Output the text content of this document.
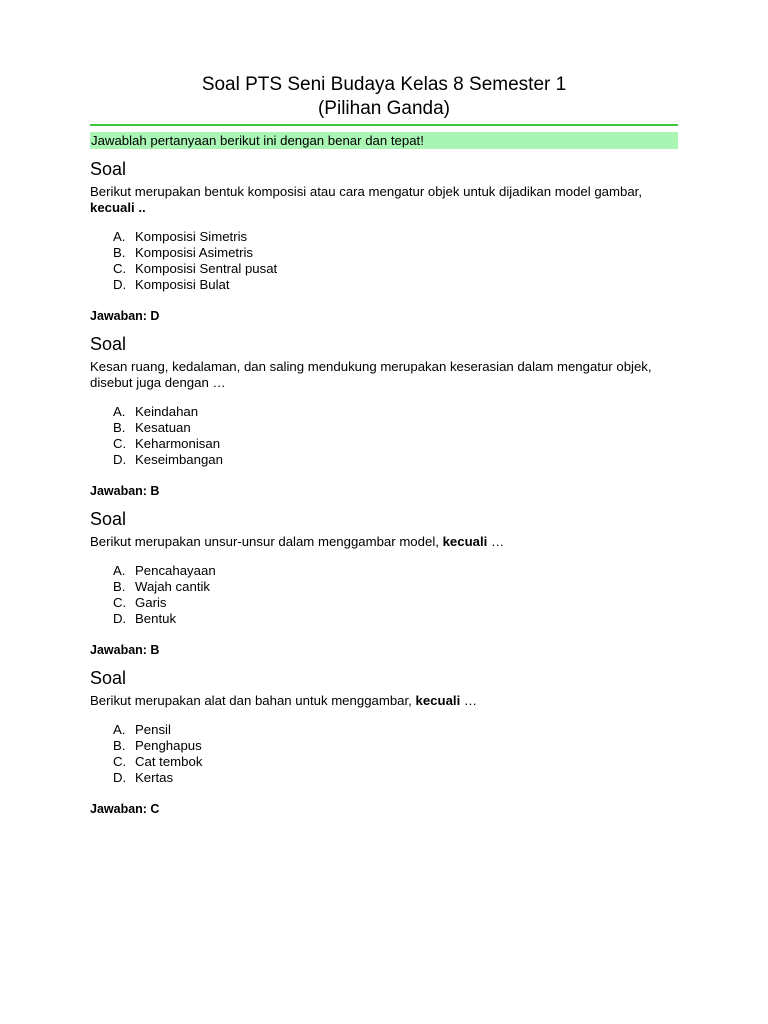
Soal PTS Seni Budaya Kelas 8 Semester 1
(Pilihan Ganda)
Jawablah pertanyaan berikut ini dengan benar dan tepat!
Soal

Berikut merupakan bentuk komposisi atau cara mengatur objek untuk dijadikan model gambar, kecuali ..

A. Komposisi Simetris
B. Komposisi Asimetris
C. Komposisi Sentral pusat
D. Komposisi Bulat

Jawaban: D

Soal

Kesan ruang, kedalaman, dan saling mendukung merupakan keserasian dalam mengatur objek, disebut juga dengan …

A. Keindahan
B. Kesatuan
C. Keharmonisan
D. Keseimbangan

Jawaban: B

Soal

Berikut merupakan unsur-unsur dalam menggambar model, kecuali …

A. Pencahayaan
B. Wajah cantik
C. Garis
D. Bentuk

Jawaban: B

Soal

Berikut merupakan alat dan bahan untuk menggambar, kecuali …

A. Pensil
B. Penghapus
C. Cat tembok
D. Kertas

Jawaban: C
